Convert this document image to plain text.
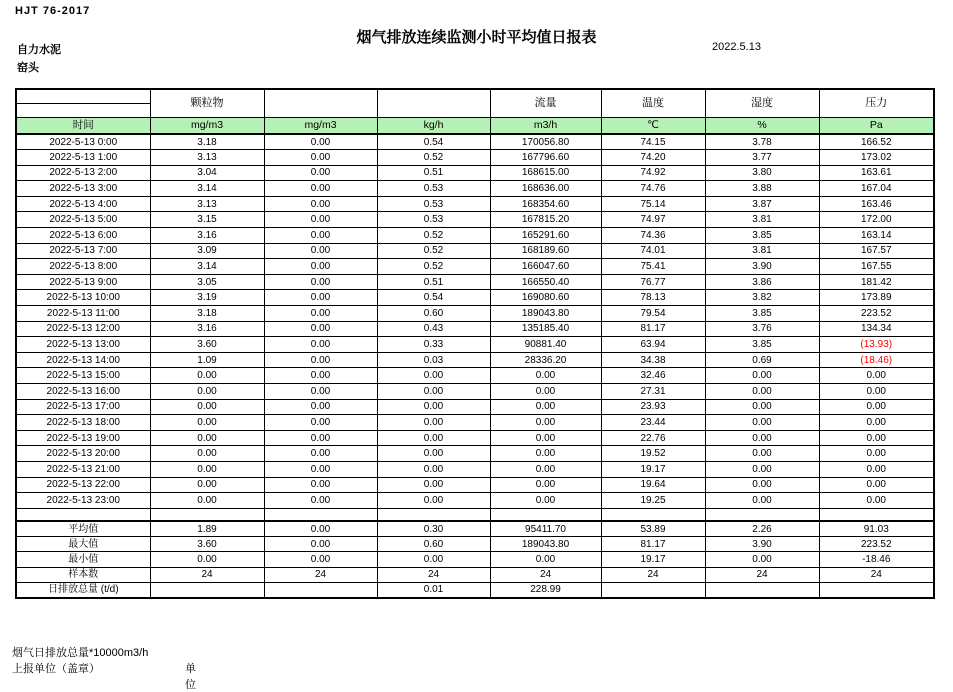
HJT 76-2017
烟气排放连续监测小时平均值日报表
自力水泥
窑头
2022.5.13
	颗粒物			流量	温度	湿度	压力

时间	mg/m3	mg/m3	kg/h	m3/h	℃	%	Pa
2022-5-13 0:00	3.18	0.00	0.54	170056.80	74.15	3.78	166.52
2022-5-13 1:00	3.13	0.00	0.52	167796.60	74.20	3.77	173.02
2022-5-13 2:00	3.04	0.00	0.51	168615.00	74.92	3.80	163.61
2022-5-13 3:00	3.14	0.00	0.53	168636.00	74.76	3.88	167.04
2022-5-13 4:00	3.13	0.00	0.53	168354.60	75.14	3.87	163.46
2022-5-13 5:00	3.15	0.00	0.53	167815.20	74.97	3.81	172.00
2022-5-13 6:00	3.16	0.00	0.52	165291.60	74.36	3.85	163.14
2022-5-13 7:00	3.09	0.00	0.52	168189.60	74.01	3.81	167.57
2022-5-13 8:00	3.14	0.00	0.52	166047.60	75.41	3.90	167.55
2022-5-13 9:00	3.05	0.00	0.51	166550.40	76.77	3.86	181.42
2022-5-13 10:00	3.19	0.00	0.54	169080.60	78.13	3.82	173.89
2022-5-13 11:00	3.18	0.00	0.60	189043.80	79.54	3.85	223.52
2022-5-13 12:00	3.16	0.00	0.43	135185.40	81.17	3.76	134.34
2022-5-13 13:00	3.60	0.00	0.33	90881.40	63.94	3.85	(13.93)
2022-5-13 14:00	1.09	0.00	0.03	28336.20	34.38	0.69	(18.46)
2022-5-13 15:00	0.00	0.00	0.00	0.00	32.46	0.00	0.00
2022-5-13 16:00	0.00	0.00	0.00	0.00	27.31	0.00	0.00
2022-5-13 17:00	0.00	0.00	0.00	0.00	23.93	0.00	0.00
2022-5-13 18:00	0.00	0.00	0.00	0.00	23.44	0.00	0.00
2022-5-13 19:00	0.00	0.00	0.00	0.00	22.76	0.00	0.00
2022-5-13 20:00	0.00	0.00	0.00	0.00	19.52	0.00	0.00
2022-5-13 21:00	0.00	0.00	0.00	0.00	19.17	0.00	0.00
2022-5-13 22:00	0.00	0.00	0.00	0.00	19.64	0.00	0.00
2022-5-13 23:00	0.00	0.00	0.00	0.00	19.25	0.00	0.00

平均值	1.89	0.00	0.30	95411.70	53.89	2.26	91.03
最大值	3.60	0.00	0.60	189043.80	81.17	3.90	223.52
最小值	0.00	0.00	0.00	0.00	19.17	0.00	-18.46
样本数	24	24	24	24	24	24	24
日排放总量 (t/d)			0.01	228.99			
烟气日排放总量*10000m3/h
上报单位（盖章）	单位
